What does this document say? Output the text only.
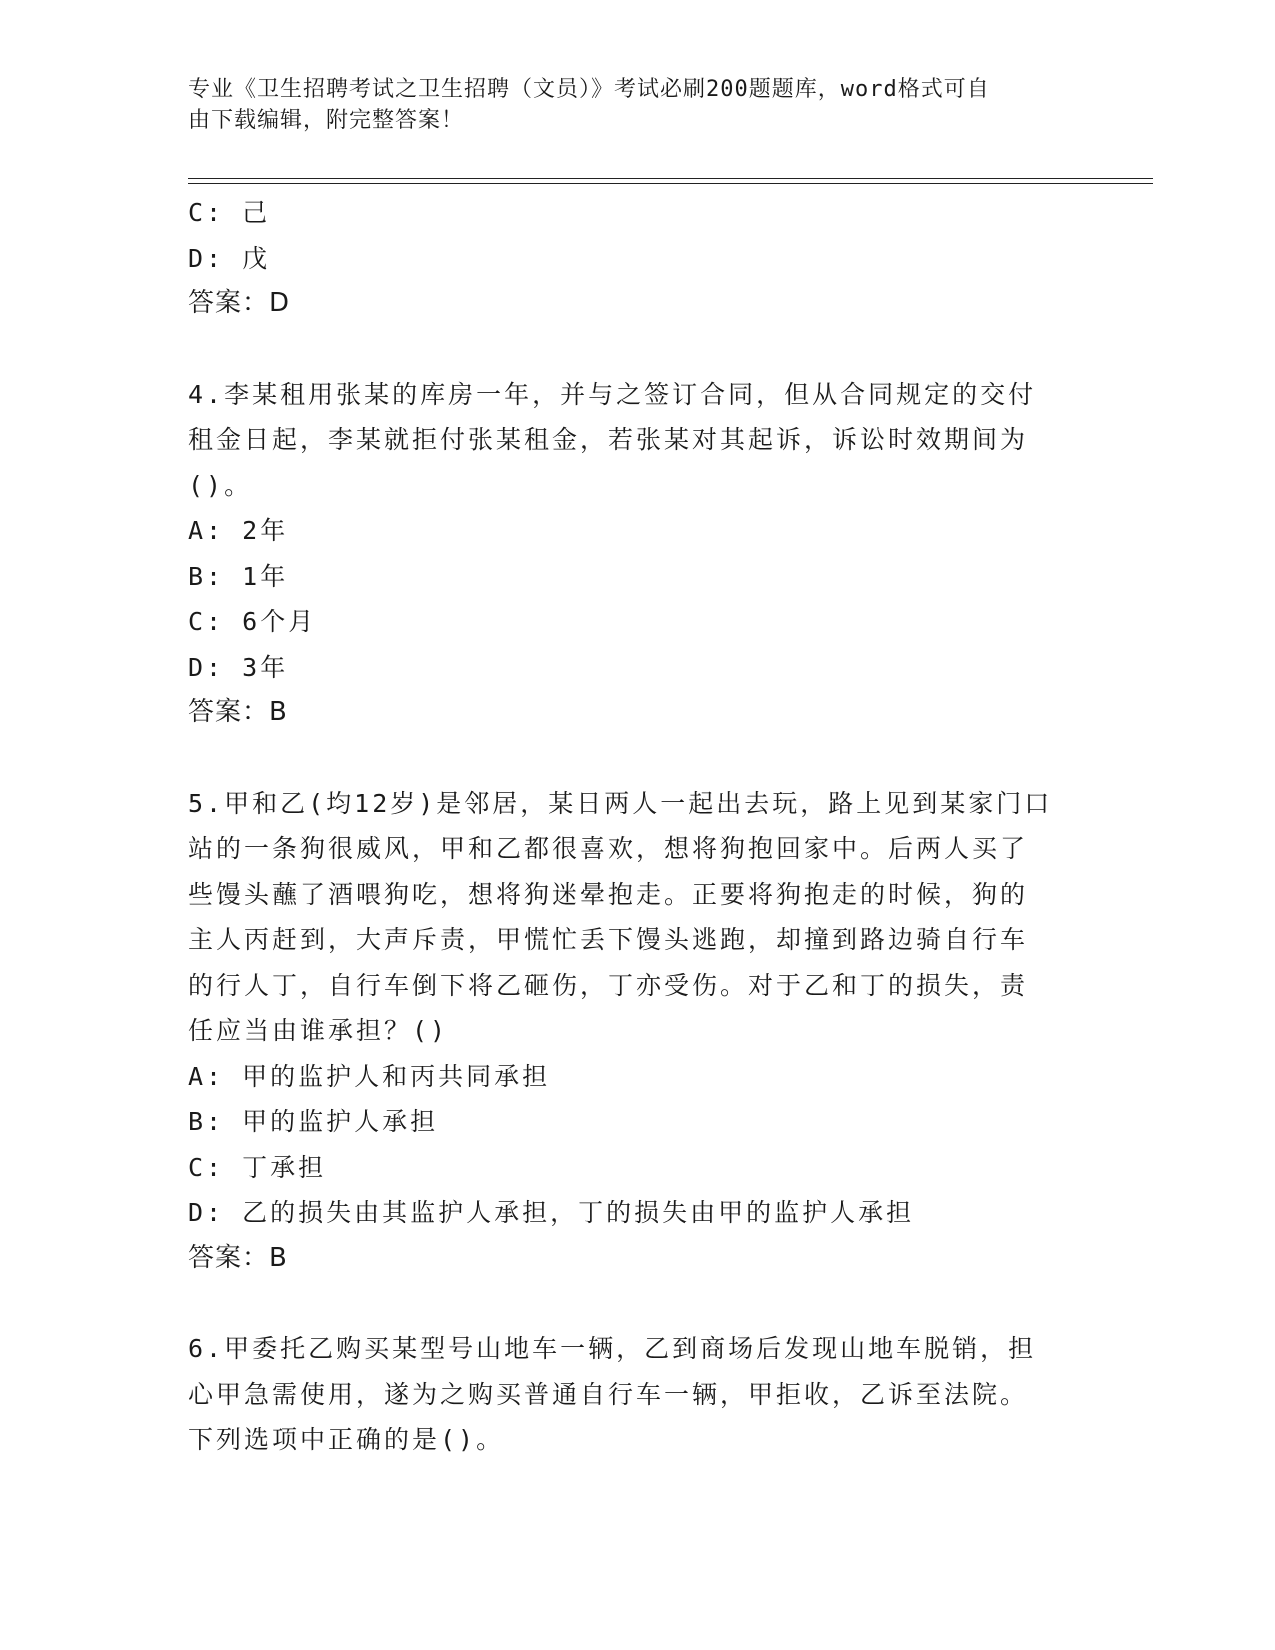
专业《卫生招聘考试之卫生招聘（文员）》考试必刷200题题库，word格式可自
由下载编辑，附完整答案！
C: 己
D: 戊
答案：D
4.李某租用张某的库房一年，并与之签订合同，但从合同规定的交付
租金日起，李某就拒付张某租金，若张某对其起诉，诉讼时效期间为
()。
A: 2年
B: 1年
C: 6个月
D: 3年
答案：B
5.甲和乙(均12岁)是邻居，某日两人一起出去玩，路上见到某家门口
站的一条狗很威风，甲和乙都很喜欢，想将狗抱回家中。后两人买了
些馒头蘸了酒喂狗吃，想将狗迷晕抱走。正要将狗抱走的时候，狗的
主人丙赶到，大声斥责，甲慌忙丢下馒头逃跑，却撞到路边骑自行车
的行人丁，自行车倒下将乙砸伤，丁亦受伤。对于乙和丁的损失，责
任应当由谁承担？()
A: 甲的监护人和丙共同承担
B: 甲的监护人承担
C: 丁承担
D: 乙的损失由其监护人承担，丁的损失由甲的监护人承担
答案：B
6.甲委托乙购买某型号山地车一辆，乙到商场后发现山地车脱销，担
心甲急需使用，遂为之购买普通自行车一辆，甲拒收，乙诉至法院。
下列选项中正确的是()。
